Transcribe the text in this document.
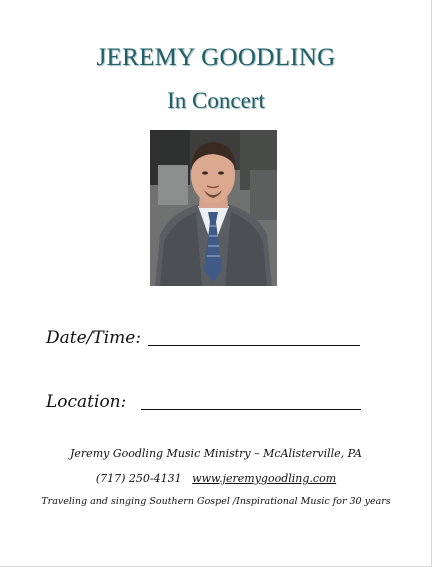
JEREMY GOODLING
In Concert
Date/Time:
Location:
Jeremy Goodling Music Ministry – McAlisterville, PA
(717) 250-4131 www.jeremygoodling.com
Traveling and singing Southern Gospel /Inspirational Music for 30 years
